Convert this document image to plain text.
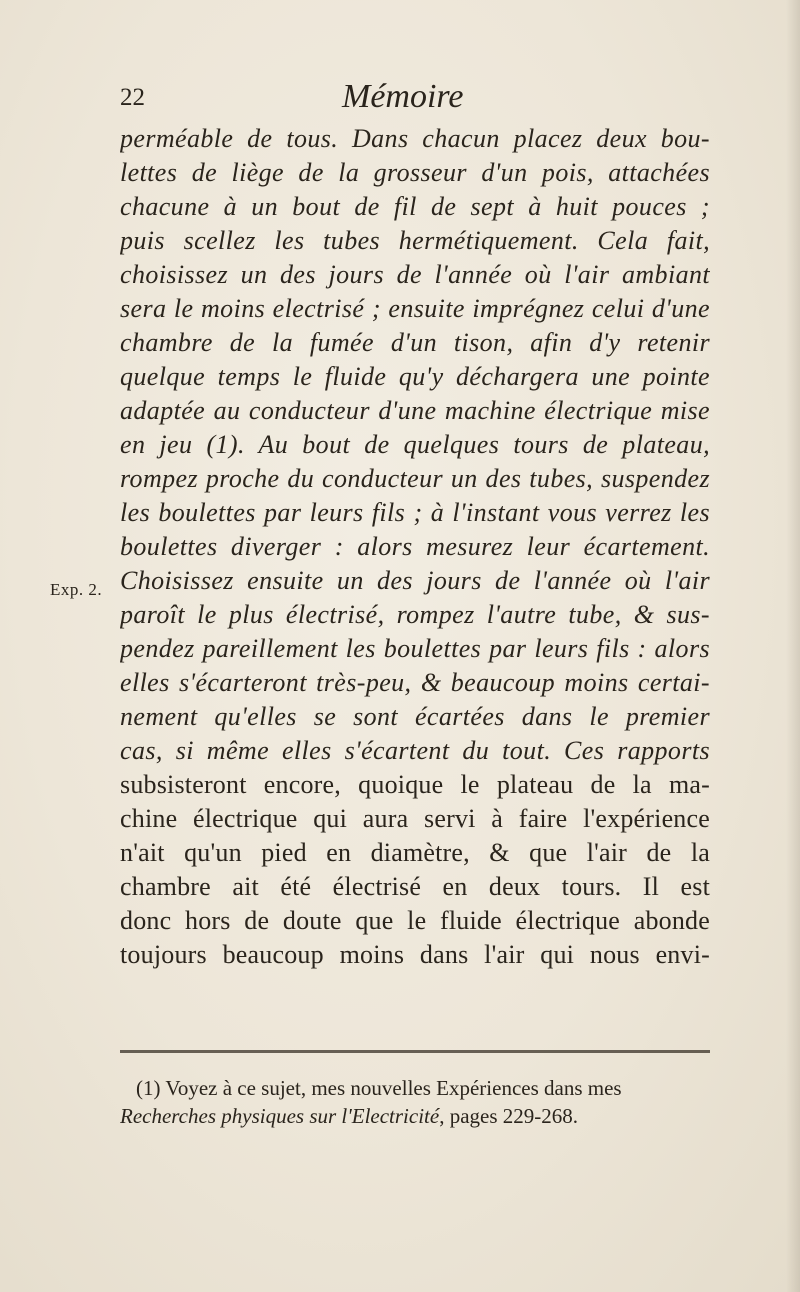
22	Mémoire
Exp. 2.
perméable de tous. Dans chacun placez deux bou-
lettes de liège de la grosseur d'un pois, attachées
chacune à un bout de fil de sept à huit pouces ;
puis scellez les tubes hermétiquement. Cela fait,
choisissez un des jours de l'année où l'air ambiant
sera le moins electrisé ; ensuite imprégnez celui d'une
chambre de la fumée d'un tison, afin d'y retenir
quelque temps le fluide qu'y déchargera une pointe
adaptée au conducteur d'une machine électrique mise
en jeu (1). Au bout de quelques tours de plateau,
rompez proche du conducteur un des tubes, suspendez
les boulettes par leurs fils ; à l'instant vous verrez les
boulettes diverger : alors mesurez leur écartement.
Choisissez ensuite un des jours de l'année où l'air
paroît le plus électrisé, rompez l'autre tube, & sus-
pendez pareillement les boulettes par leurs fils : alors
elles s'écarteront très-peu, & beaucoup moins certai-
nement qu'elles se sont écartées dans le premier
cas, si même elles s'écartent du tout. Ces rapports
subsisteront encore, quoique le plateau de la ma-
chine électrique qui aura servi à faire l'expérience
n'ait qu'un pied en diamètre, & que l'air de la
chambre ait été électrisé en deux tours. Il est
donc hors de doute que le fluide électrique abonde
toujours beaucoup moins dans l'air qui nous envi-
(1) Voyez à ce sujet, mes nouvelles Expériences dans mes
Recherches physiques sur l'Electricité, pages 229-268.
